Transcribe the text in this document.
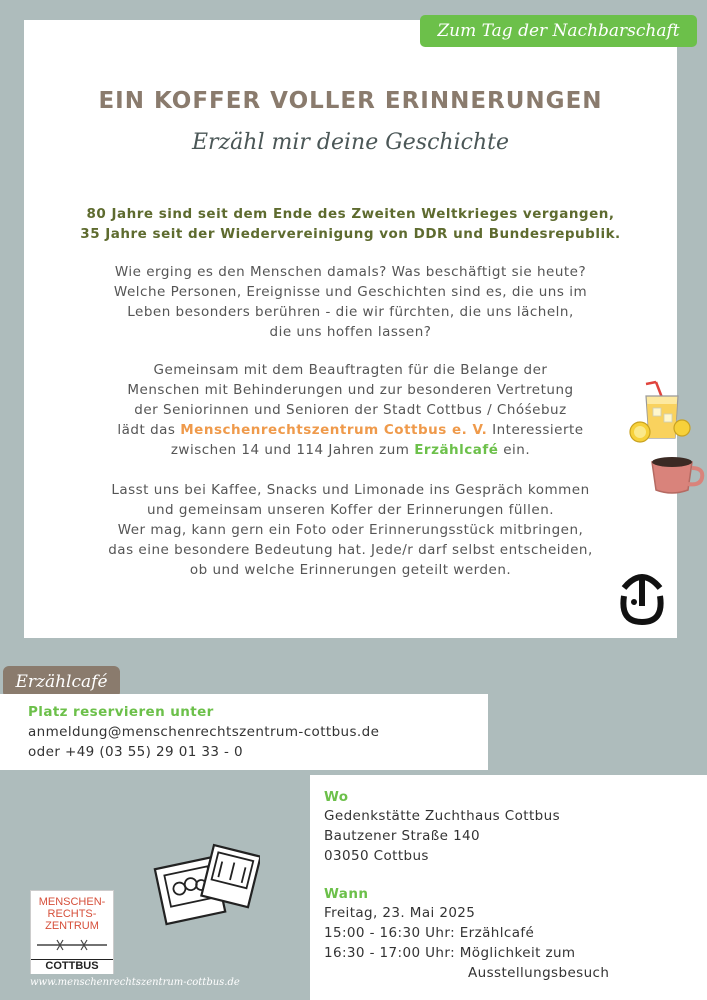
Zum Tag der Nachbarschaft
EIN KOFFER VOLLER ERINNERUNGEN
Erzähl mir deine Geschichte
80 Jahre sind seit dem Ende des Zweiten Weltkrieges vergangen,
35 Jahre seit der Wiedervereinigung von DDR und Bundesrepublik.
Wie erging es den Menschen damals? Was beschäftigt sie heute?
Welche Personen, Ereignisse und Geschichten sind es, die uns im
Leben besonders berühren - die wir fürchten, die uns lächeln,
die uns hoffen lassen?
Gemeinsam mit dem Beauftragten für die Belange der
Menschen mit Behinderungen und zur besonderen Vertretung
der Seniorinnen und Senioren der Stadt Cottbus / Chóśebuz
lädt das Menschenrechtszentrum Cottbus e. V. Interessierte
zwischen 14 und 114 Jahren zum Erzählcafé ein.
Lasst uns bei Kaffee, Snacks und Limonade ins Gespräch kommen
und gemeinsam unseren Koffer der Erinnerungen füllen.
Wer mag, kann gern ein Foto oder Erinnerungsstück mitbringen,
das eine besondere Bedeutung hat. Jede/r darf selbst entscheiden,
ob und welche Erinnerungen geteilt werden.
Erzählcafé
Platz reservieren unter
anmeldung@menschenrechtszentrum-cottbus.de
oder +49 (03 55) 29 01 33 - 0
Wo
Gedenkstätte Zuchthaus Cottbus
Bautzener Straße 140
03050 Cottbus
Wann
Freitag, 23. Mai 2025
15:00 - 16:30 Uhr: Erzählcafé
16:30 - 17:00 Uhr: Möglichkeit zum
Ausstellungsbesuch
MENSCHEN-
RECHTS-
ZENTRUM
COTTBUS
www.menschenrechtszentrum-cottbus.de
